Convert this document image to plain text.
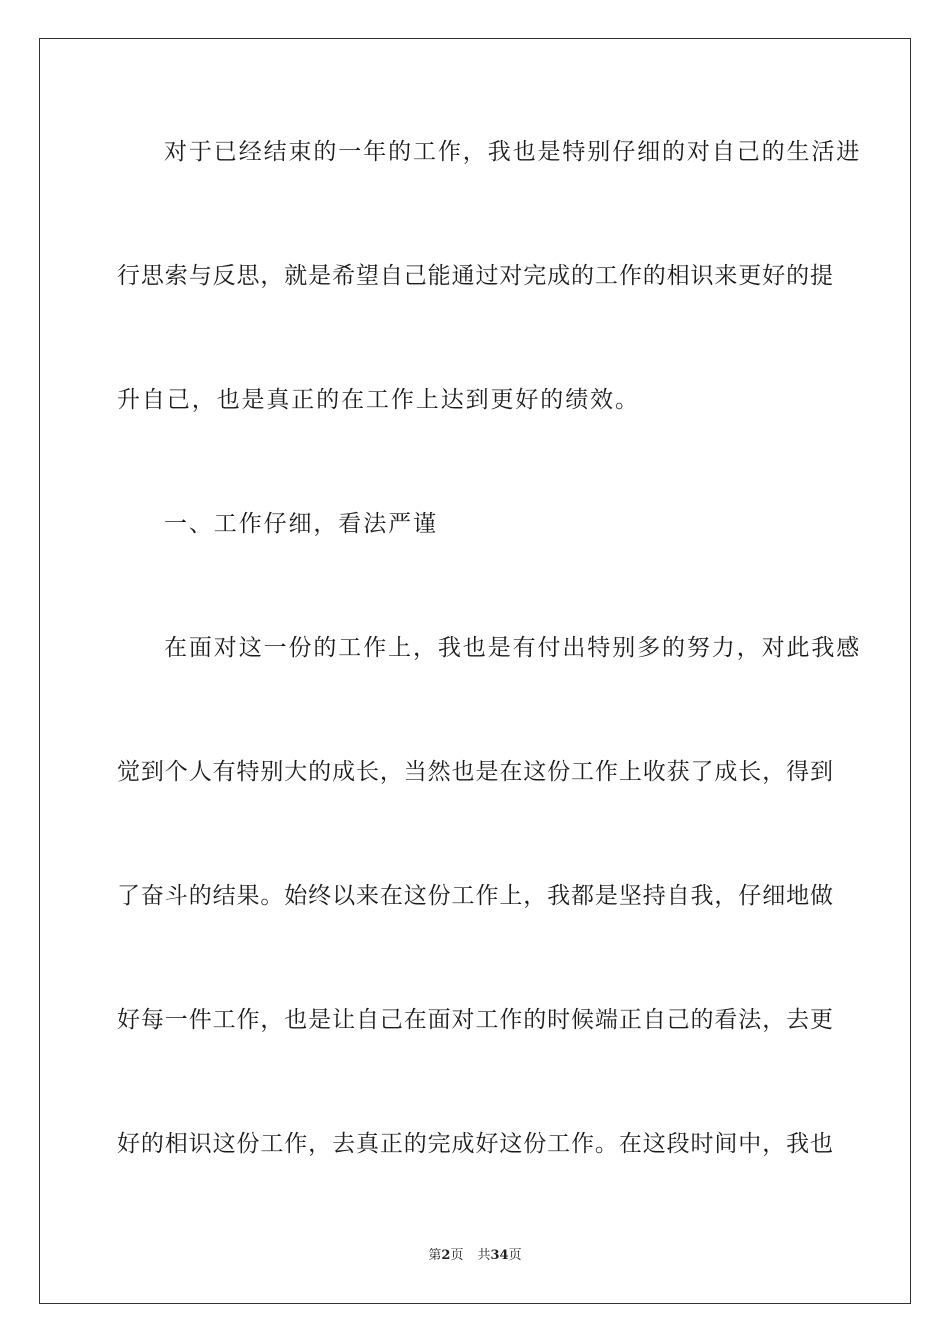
对于已经结束的一年的工作，我也是特别仔细的对自己的生活进

行思索与反思，就是希望自己能通过对完成的工作的相识来更好的提

升自己，也是真正的在工作上达到更好的绩效。

一、工作仔细，看法严谨

在面对这一份的工作上，我也是有付出特别多的努力，对此我感

觉到个人有特别大的成长，当然也是在这份工作上收获了成长，得到

了奋斗的结果。始终以来在这份工作上，我都是坚持自我，仔细地做

好每一件工作，也是让自己在面对工作的时候端正自己的看法，去更

好的相识这份工作，去真正的完成好这份工作。在这段时间中，我也

第2页 共34页
